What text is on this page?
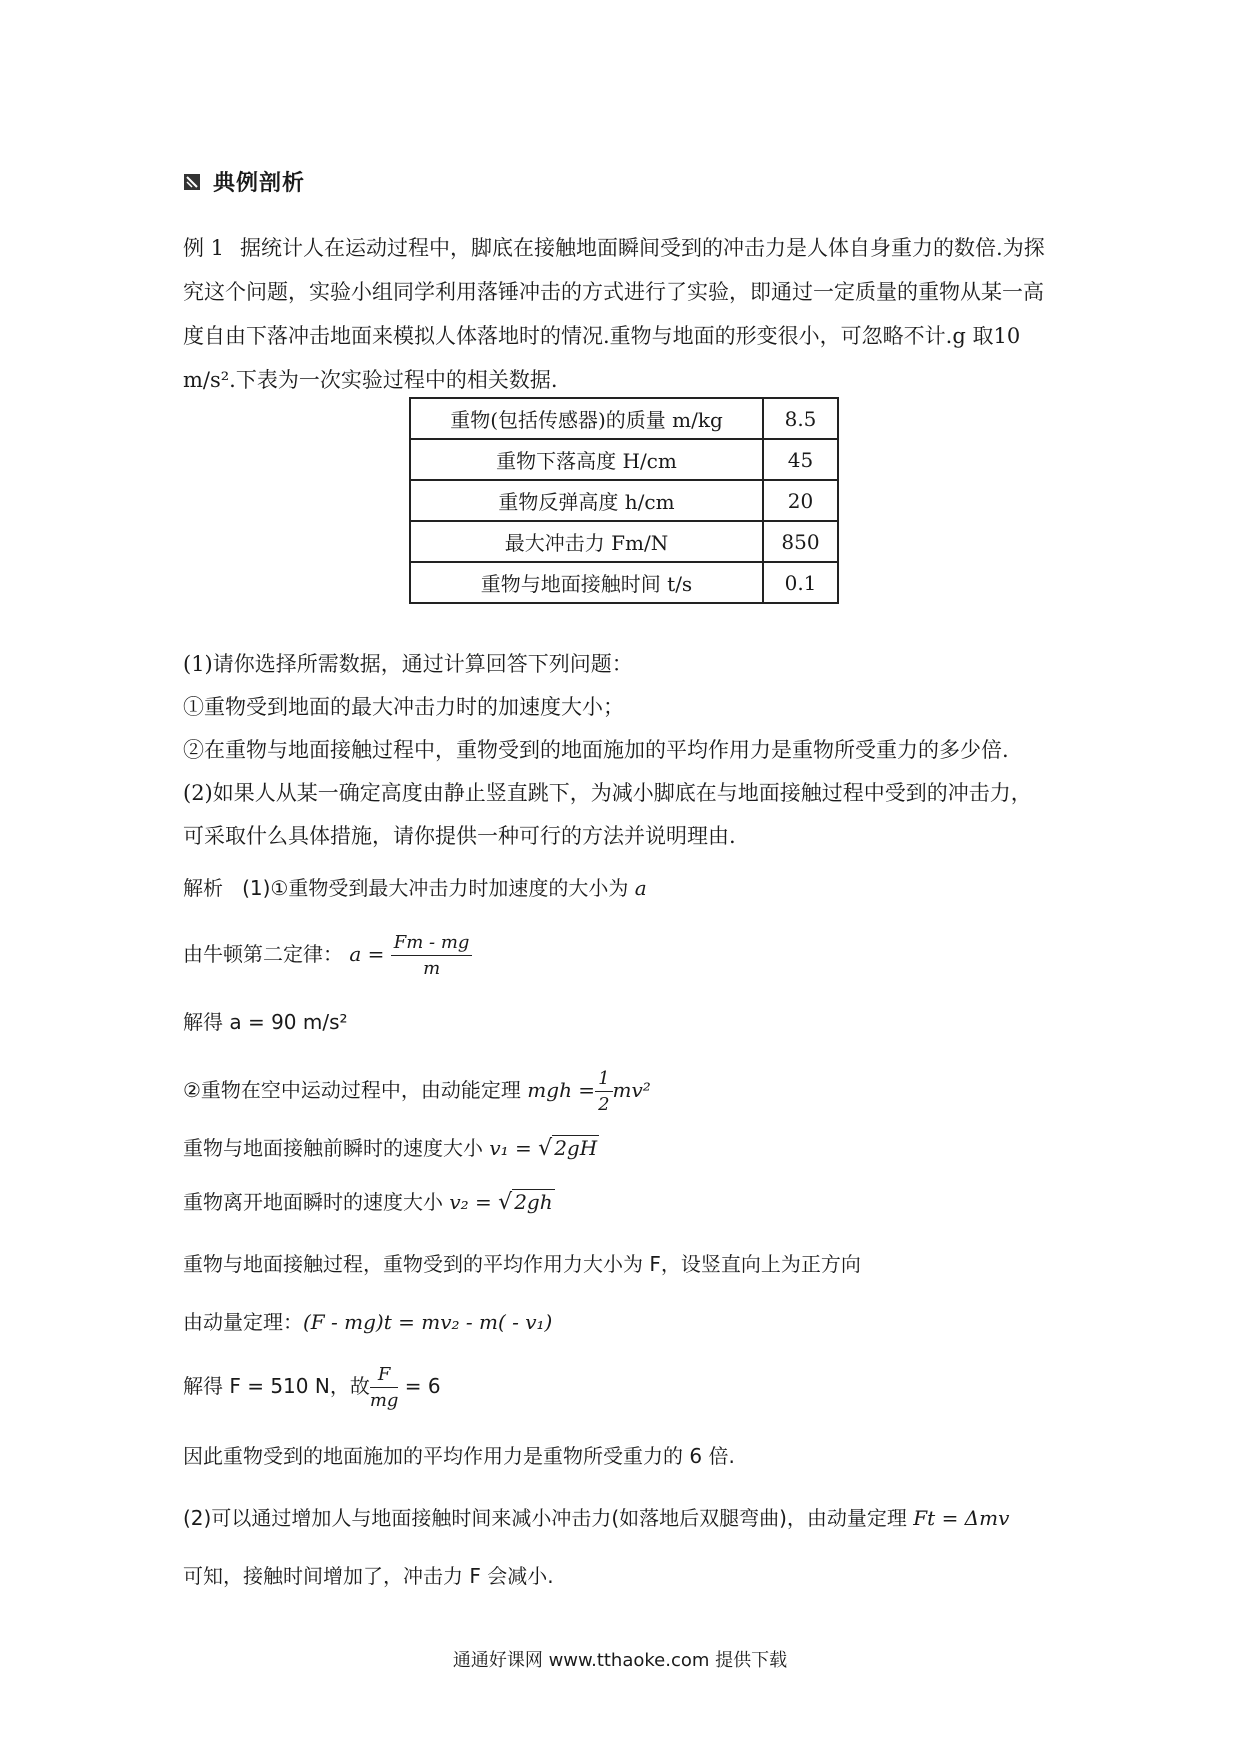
典例剖析
例 1 据统计人在运动过程中，脚底在接触地面瞬间受到的冲击力是人体自身重力的数倍.为探究这个问题，实验小组同学利用落锤冲击的方式进行了实验，即通过一定质量的重物从某一高度自由下落冲击地面来模拟人体落地时的情况.重物与地面的形变很小，可忽略不计.g 取10 m/s².下表为一次实验过程中的相关数据.
重物(包括传感器)的质量 m/kg	8.5
重物下落高度 H/cm	45
重物反弹高度 h/cm	20
最大冲击力 Fm/N	850
重物与地面接触时间 t/s	0.1
(1)请你选择所需数据，通过计算回答下列问题：
①重物受到地面的最大冲击力时的加速度大小；
②在重物与地面接触过程中，重物受到的地面施加的平均作用力是重物所受重力的多少倍.
(2)如果人从某一确定高度由静止竖直跳下，为减小脚底在与地面接触过程中受到的冲击力，
可采取什么具体措施，请你提供一种可行的方法并说明理由.
解析 (1)①重物受到最大冲击力时加速度的大小为 a
由牛顿第二定律： $a = \frac{Fm - mg}{m}$
解得 a = 90 m/s²
②重物在空中运动过程中，由动能定理 mgh = $\frac{1}{2} mv^2$
重物与地面接触前瞬时的速度大小 v₁ = √ 2gH
重物离开地面瞬时的速度大小 v₂ = √ 2gh
重物与地面接触过程，重物受到的平均作用力大小为 F，设竖直向上为正方向
由动量定理：(F - mg)t = mv₂ - m( - v₁)
解得 F = 510 N，故 $\frac{F}{mg} = 6$
因此重物受到的地面施加的平均作用力是重物所受重力的 6 倍.
(2)可以通过增加人与地面接触时间来减小冲击力(如落地后双腿弯曲)，由动量定理 Ft = Δmv
可知，接触时间增加了，冲击力 F 会减小.
通通好课网 www.tthaoke.com 提供下载
